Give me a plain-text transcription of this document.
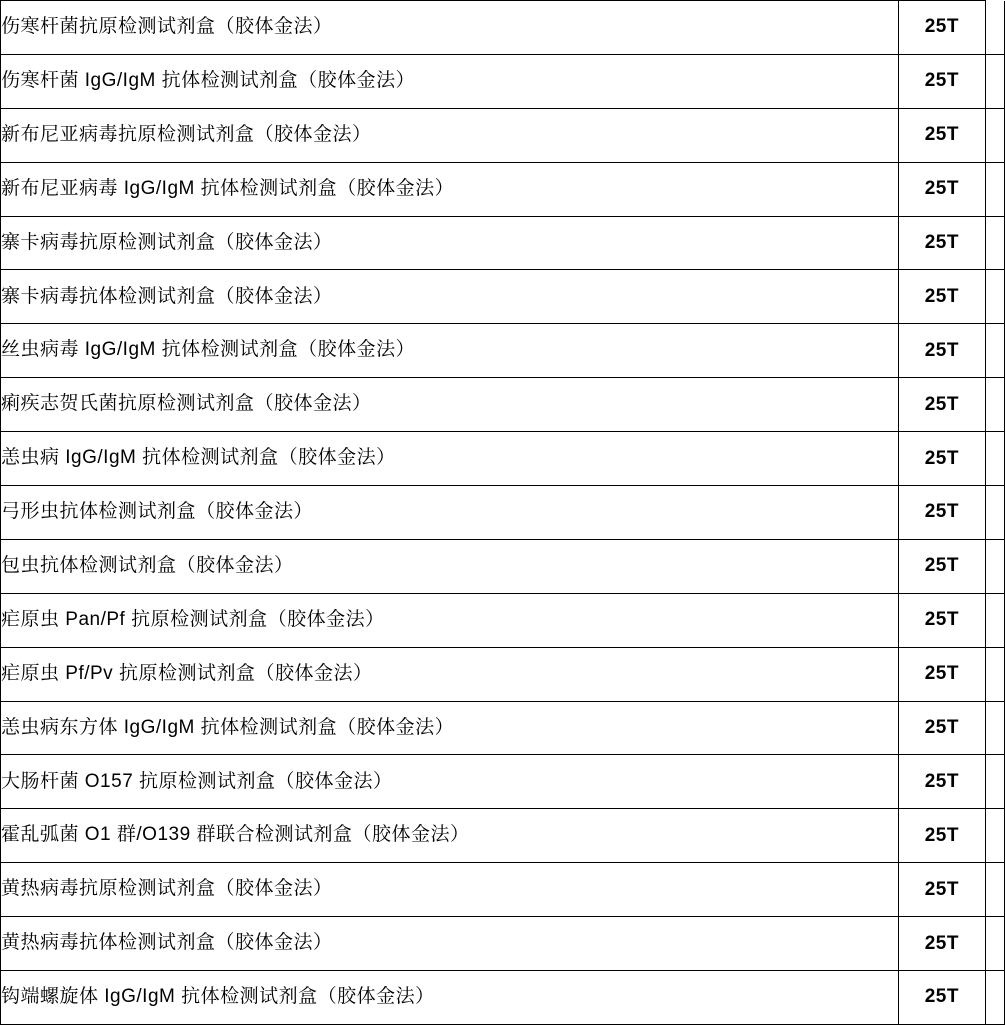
伤寒杆菌抗原检测试剂盒（胶体金法）	25T	
伤寒杆菌 IgG/IgM 抗体检测试剂盒（胶体金法）	25T	
新布尼亚病毒抗原检测试剂盒（胶体金法）	25T	
新布尼亚病毒 IgG/IgM 抗体检测试剂盒（胶体金法）	25T	
寨卡病毒抗原检测试剂盒（胶体金法）	25T	
寨卡病毒抗体检测试剂盒（胶体金法）	25T	
丝虫病毒 IgG/IgM 抗体检测试剂盒（胶体金法）	25T	
痢疾志贺氏菌抗原检测试剂盒（胶体金法）	25T	
恙虫病 IgG/IgM 抗体检测试剂盒（胶体金法）	25T	
弓形虫抗体检测试剂盒（胶体金法）	25T	
包虫抗体检测试剂盒（胶体金法）	25T	
疟原虫 Pan/Pf 抗原检测试剂盒（胶体金法）	25T	
疟原虫 Pf/Pv 抗原检测试剂盒（胶体金法）	25T	
恙虫病东方体 IgG/IgM 抗体检测试剂盒（胶体金法）	25T	
大肠杆菌 O157 抗原检测试剂盒（胶体金法）	25T	
霍乱弧菌 O1 群/O139 群联合检测试剂盒（胶体金法）	25T	
黄热病毒抗原检测试剂盒（胶体金法）	25T	
黄热病毒抗体检测试剂盒（胶体金法）	25T	
钩端螺旋体 IgG/IgM 抗体检测试剂盒（胶体金法）	25T	
